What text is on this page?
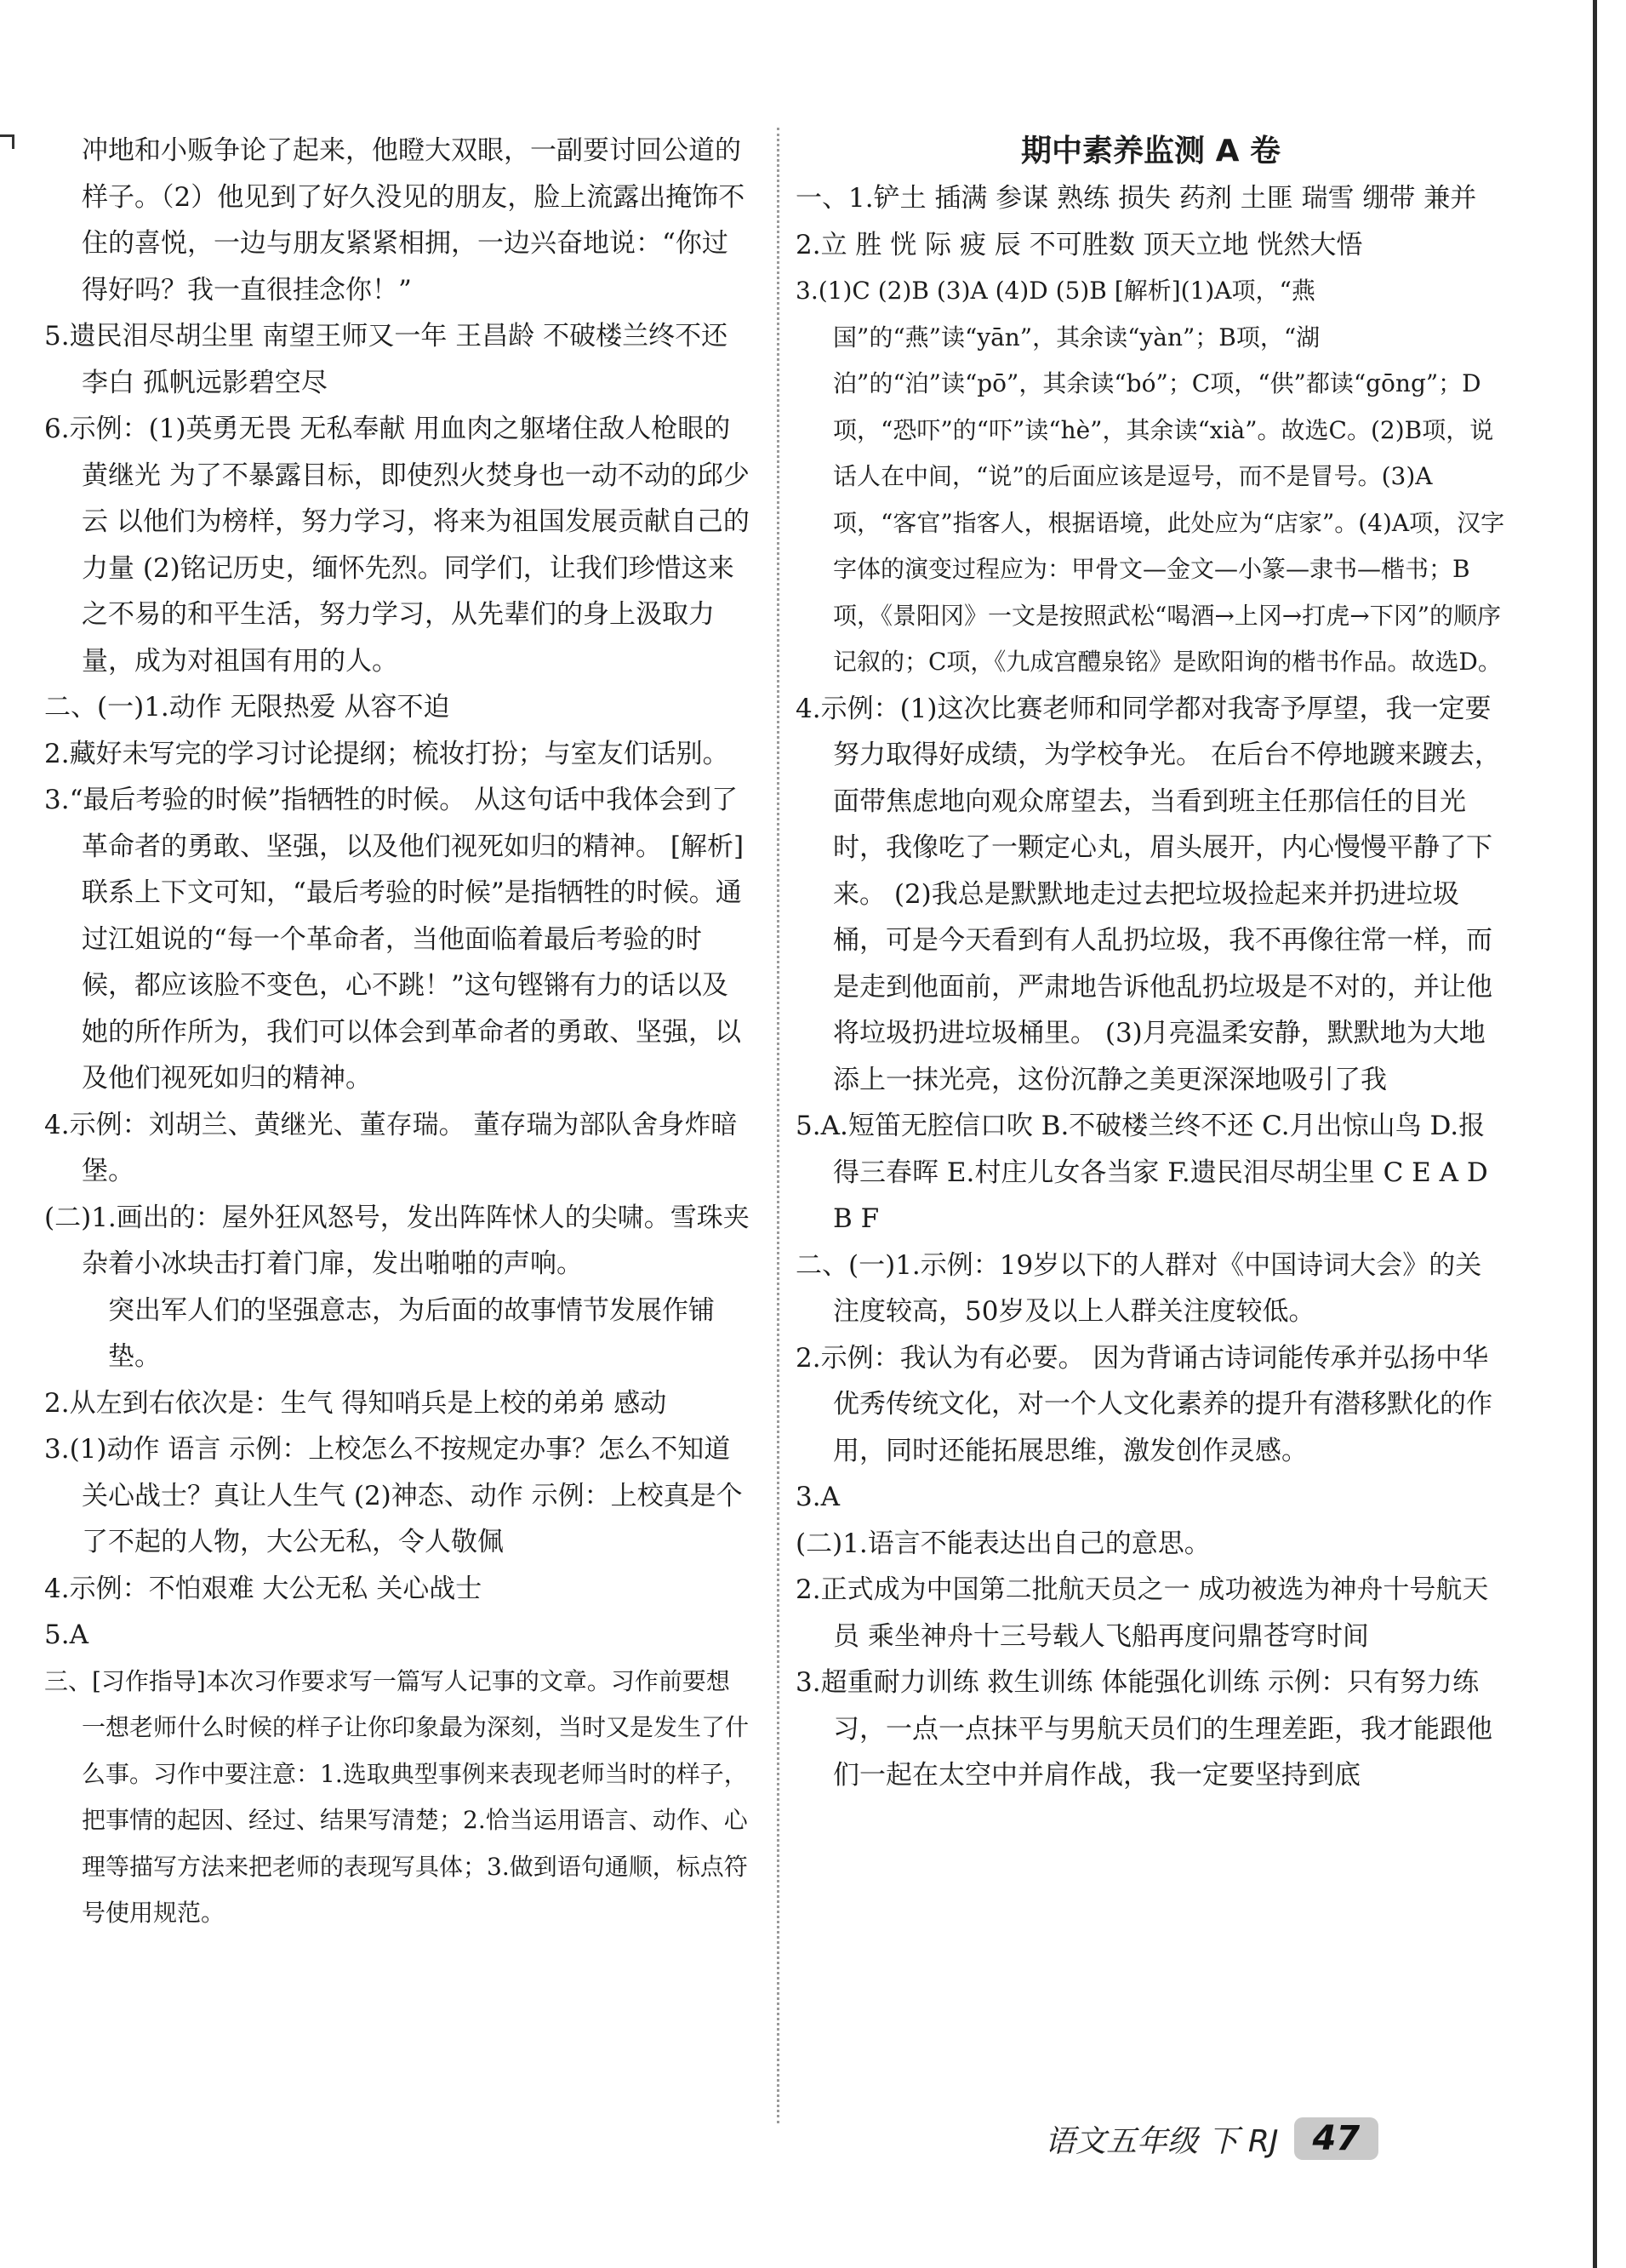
冲地和小贩争论了起来，他瞪大双眼，一副要讨回公道的样子。（2）他见到了好久没见的朋友，脸上流露出掩饰不住的喜悦，一边与朋友紧紧相拥，一边兴奋地说：“你过得好吗？我一直很挂念你！”
5.遗民泪尽胡尘里 南望王师又一年 王昌龄 不破楼兰终不还 李白 孤帆远影碧空尽
6.示例：(1)英勇无畏 无私奉献 用血肉之躯堵住敌人枪眼的黄继光 为了不暴露目标，即使烈火焚身也一动不动的邱少云 以他们为榜样，努力学习，将来为祖国发展贡献自己的力量 (2)铭记历史，缅怀先烈。同学们，让我们珍惜这来之不易的和平生活，努力学习，从先辈们的身上汲取力量，成为对祖国有用的人。
二、(一)1.动作 无限热爱 从容不迫
2.藏好未写完的学习讨论提纲；梳妆打扮；与室友们话别。
3.“最后考验的时候”指牺牲的时候。 从这句话中我体会到了革命者的勇敢、坚强，以及他们视死如归的精神。 [解析]联系上下文可知，“最后考验的时候”是指牺牲的时候。通过江姐说的“每一个革命者，当他面临着最后考验的时候，都应该脸不变色，心不跳！”这句铿锵有力的话以及她的所作所为，我们可以体会到革命者的勇敢、坚强，以及他们视死如归的精神。
4.示例：刘胡兰、黄继光、董存瑞。 董存瑞为部队舍身炸暗堡。
(二)1.画出的：屋外狂风怒号，发出阵阵怵人的尖啸。雪珠夹杂着小冰块击打着门扉，发出啪啪的声响。
突出军人们的坚强意志，为后面的故事情节发展作铺垫。
2.从左到右依次是：生气 得知哨兵是上校的弟弟 感动
3.(1)动作 语言 示例：上校怎么不按规定办事？怎么不知道关心战士？真让人生气 (2)神态、动作 示例：上校真是个了不起的人物，大公无私，令人敬佩
4.示例：不怕艰难 大公无私 关心战士
5.A
三、[习作指导]本次习作要求写一篇写人记事的文章。习作前要想一想老师什么时候的样子让你印象最为深刻，当时又是发生了什么事。习作中要注意：1.选取典型事例来表现老师当时的样子，把事情的起因、经过、结果写清楚；2.恰当运用语言、动作、心理等描写方法来把老师的表现写具体；3.做到语句通顺，标点符号使用规范。
期中素养监测 A 卷
一、1.铲土 插满 参谋 熟练 损失 药剂 土匪 瑞雪 绷带 兼并
2.立 胜 恍 际 疲 辰 不可胜数 顶天立地 恍然大悟
3.(1)C (2)B (3)A (4)D (5)B [解析](1)A项，“燕国”的“燕”读“yān”，其余读“yàn”；B项，“湖泊”的“泊”读“pō”，其余读“bó”；C项，“供”都读“gōng”；D项，“恐吓”的“吓”读“hè”，其余读“xià”。故选C。(2)B项，说话人在中间，“说”的后面应该是逗号，而不是冒号。(3)A项，“客官”指客人，根据语境，此处应为“店家”。(4)A项，汉字字体的演变过程应为：甲骨文—金文—小篆—隶书—楷书；B项，《景阳冈》一文是按照武松“喝酒→上冈→打虎→下冈”的顺序记叙的；C项，《九成宫醴泉铭》是欧阳询的楷书作品。故选D。
4.示例：(1)这次比赛老师和同学都对我寄予厚望，我一定要努力取得好成绩，为学校争光。 在后台不停地踱来踱去，面带焦虑地向观众席望去，当看到班主任那信任的目光时，我像吃了一颗定心丸，眉头展开，内心慢慢平静了下来。 (2)我总是默默地走过去把垃圾捡起来并扔进垃圾桶，可是今天看到有人乱扔垃圾，我不再像往常一样，而是走到他面前，严肃地告诉他乱扔垃圾是不对的，并让他将垃圾扔进垃圾桶里。 (3)月亮温柔安静，默默地为大地添上一抹光亮，这份沉静之美更深深地吸引了我
5.A.短笛无腔信口吹 B.不破楼兰终不还 C.月出惊山鸟 D.报得三春晖 E.村庄儿女各当家 F.遗民泪尽胡尘里 C E A D B F
二、(一)1.示例：19岁以下的人群对《中国诗词大会》的关注度较高，50岁及以上人群关注度较低。
2.示例：我认为有必要。 因为背诵古诗词能传承并弘扬中华优秀传统文化，对一个人文化素养的提升有潜移默化的作用，同时还能拓展思维，激发创作灵感。
3.A
(二)1.语言不能表达出自己的意思。
2.正式成为中国第二批航天员之一 成功被选为神舟十号航天员 乘坐神舟十三号载人飞船再度问鼎苍穹时间
3.超重耐力训练 救生训练 体能强化训练 示例：只有努力练习，一点一点抹平与男航天员们的生理差距，我才能跟他们一起在太空中并肩作战，我一定要坚持到底
语文五年级 下 RJ	47
